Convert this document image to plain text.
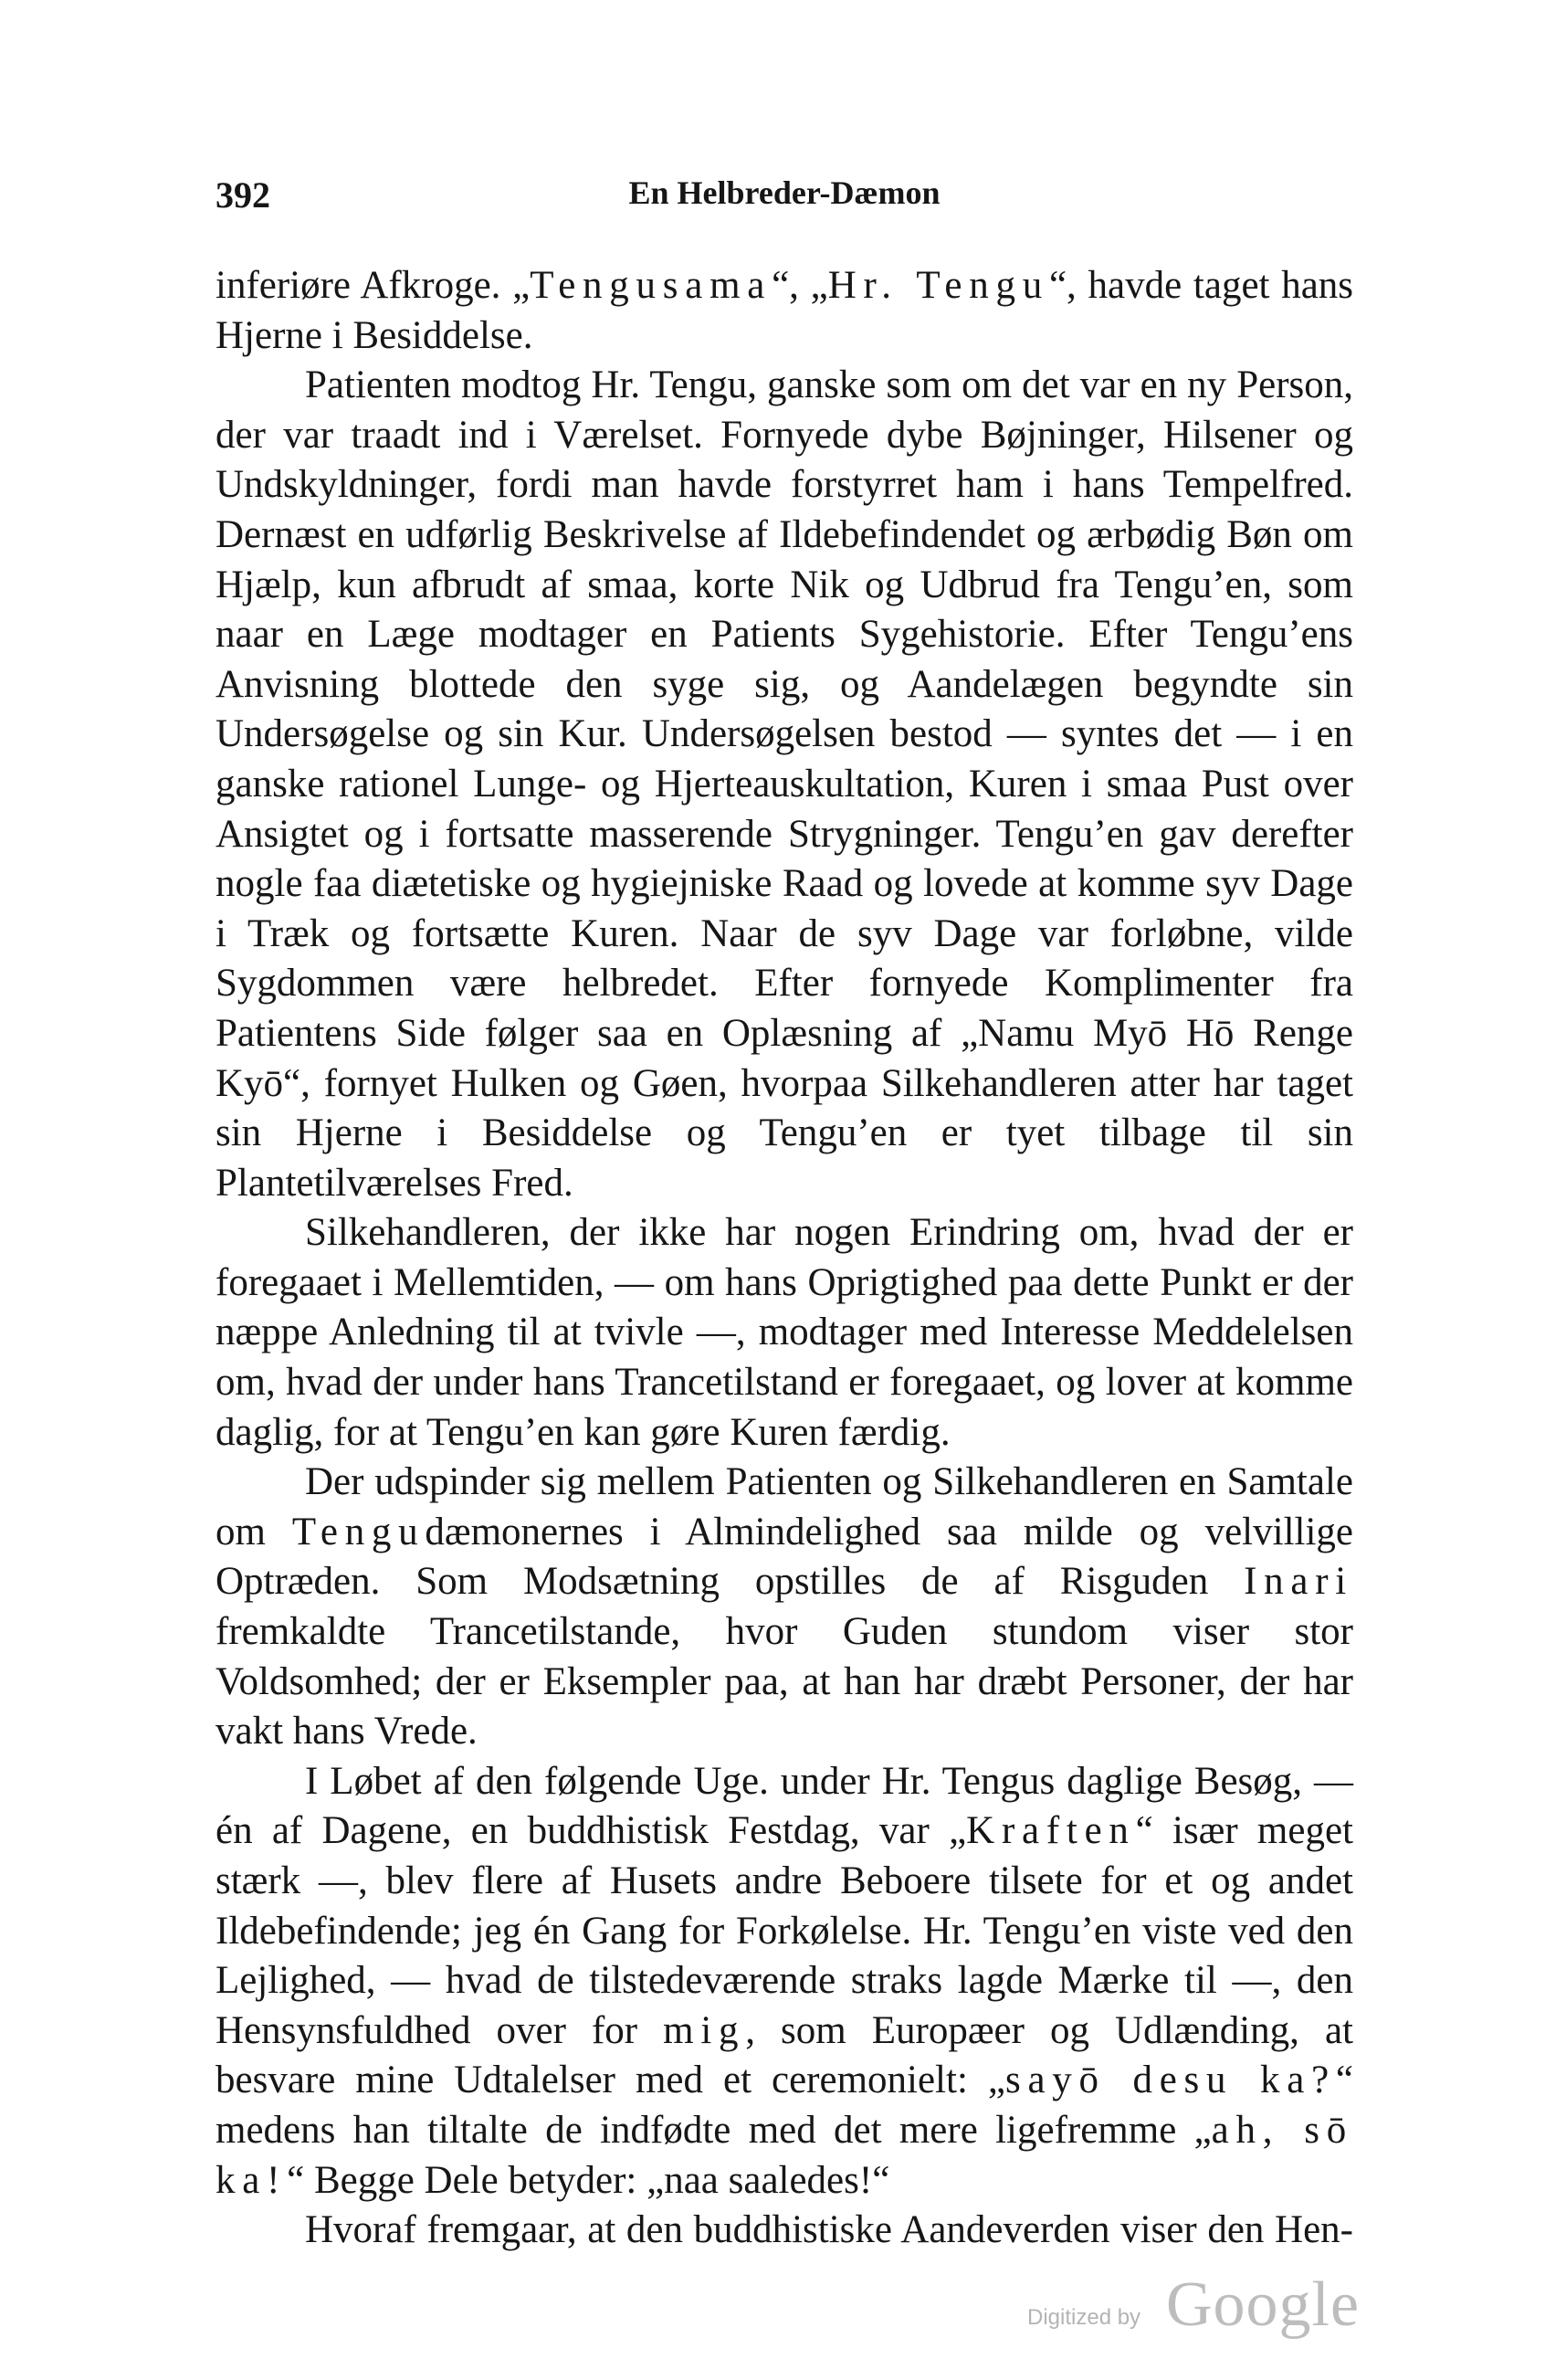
392	En Helbreder-Dæmon

inferiøre Afkroge. „Tengusama“, „Hr. Tengu“, havde taget hans Hjerne i Besiddelse.

Patienten modtog Hr. Tengu, ganske som om det var en ny Person, der var traadt ind i Værelset. Fornyede dybe Bøjninger, Hilsener og Undskyldninger, fordi man havde forstyrret ham i hans Tempelfred. Dernæst en udførlig Beskrivelse af Ildebefindendet og ærbødig Bøn om Hjælp, kun afbrudt af smaa, korte Nik og Udbrud fra Tengu’en, som naar en Læge modtager en Patients Sygehistorie. Efter Tengu’ens Anvisning blottede den syge sig, og Aandelægen begyndte sin Undersøgelse og sin Kur. Undersøgelsen bestod — syntes det — i en ganske rationel Lunge- og Hjerteauskultation, Kuren i smaa Pust over Ansigtet og i fortsatte masserende Strygninger. Tengu’en gav derefter nogle faa diætetiske og hygiejniske Raad og lovede at komme syv Dage i Træk og fortsætte Kuren. Naar de syv Dage var forløbne, vilde Sygdommen være helbredet. Efter fornyede Komplimenter fra Patientens Side følger saa en Oplæsning af „Namu Myō Hō Renge Kyō“, fornyet Hulken og Gøen, hvorpaa Silkehandleren atter har taget sin Hjerne i Besiddelse og Tengu’en er tyet tilbage til sin Plantetilværelses Fred.

Silkehandleren, der ikke har nogen Erindring om, hvad der er foregaaet i Mellemtiden, — om hans Oprigtighed paa dette Punkt er der næppe Anledning til at tvivle —, modtager med Interesse Meddelelsen om, hvad der under hans Trancetilstand er foregaaet, og lover at komme daglig, for at Tengu’en kan gøre Kuren færdig.

Der udspinder sig mellem Patienten og Silkehandleren en Samtale om Tengudæmonernes i Almindelighed saa milde og velvillige Optræden. Som Modsætning opstilles de af Risguden Inari fremkaldte Trancetilstande, hvor Guden stundom viser stor Voldsomhed; der er Eksempler paa, at han har dræbt Personer, der har vakt hans Vrede.

I Løbet af den følgende Uge. under Hr. Tengus daglige Besøg, — én af Dagene, en buddhistisk Festdag, var „Kraften“ især meget stærk —, blev flere af Husets andre Beboere tilsete for et og andet Ildebefindende; jeg én Gang for Forkølelse. Hr. Tengu’en viste ved den Lejlighed, — hvad de tilstedeværende straks lagde Mærke til —, den Hensynsfuldhed over for mig, som Europæer og Udlænding, at besvare mine Udtalelser med et ceremonielt: „sayō desu ka?“ medens han tiltalte de indfødte med det mere ligefremme „ah, sō ka!“ Begge Dele betyder: „naa saaledes!“

Hvoraf fremgaar, at den buddhistiske Aandeverden viser den Hen-

Digitized by Google
